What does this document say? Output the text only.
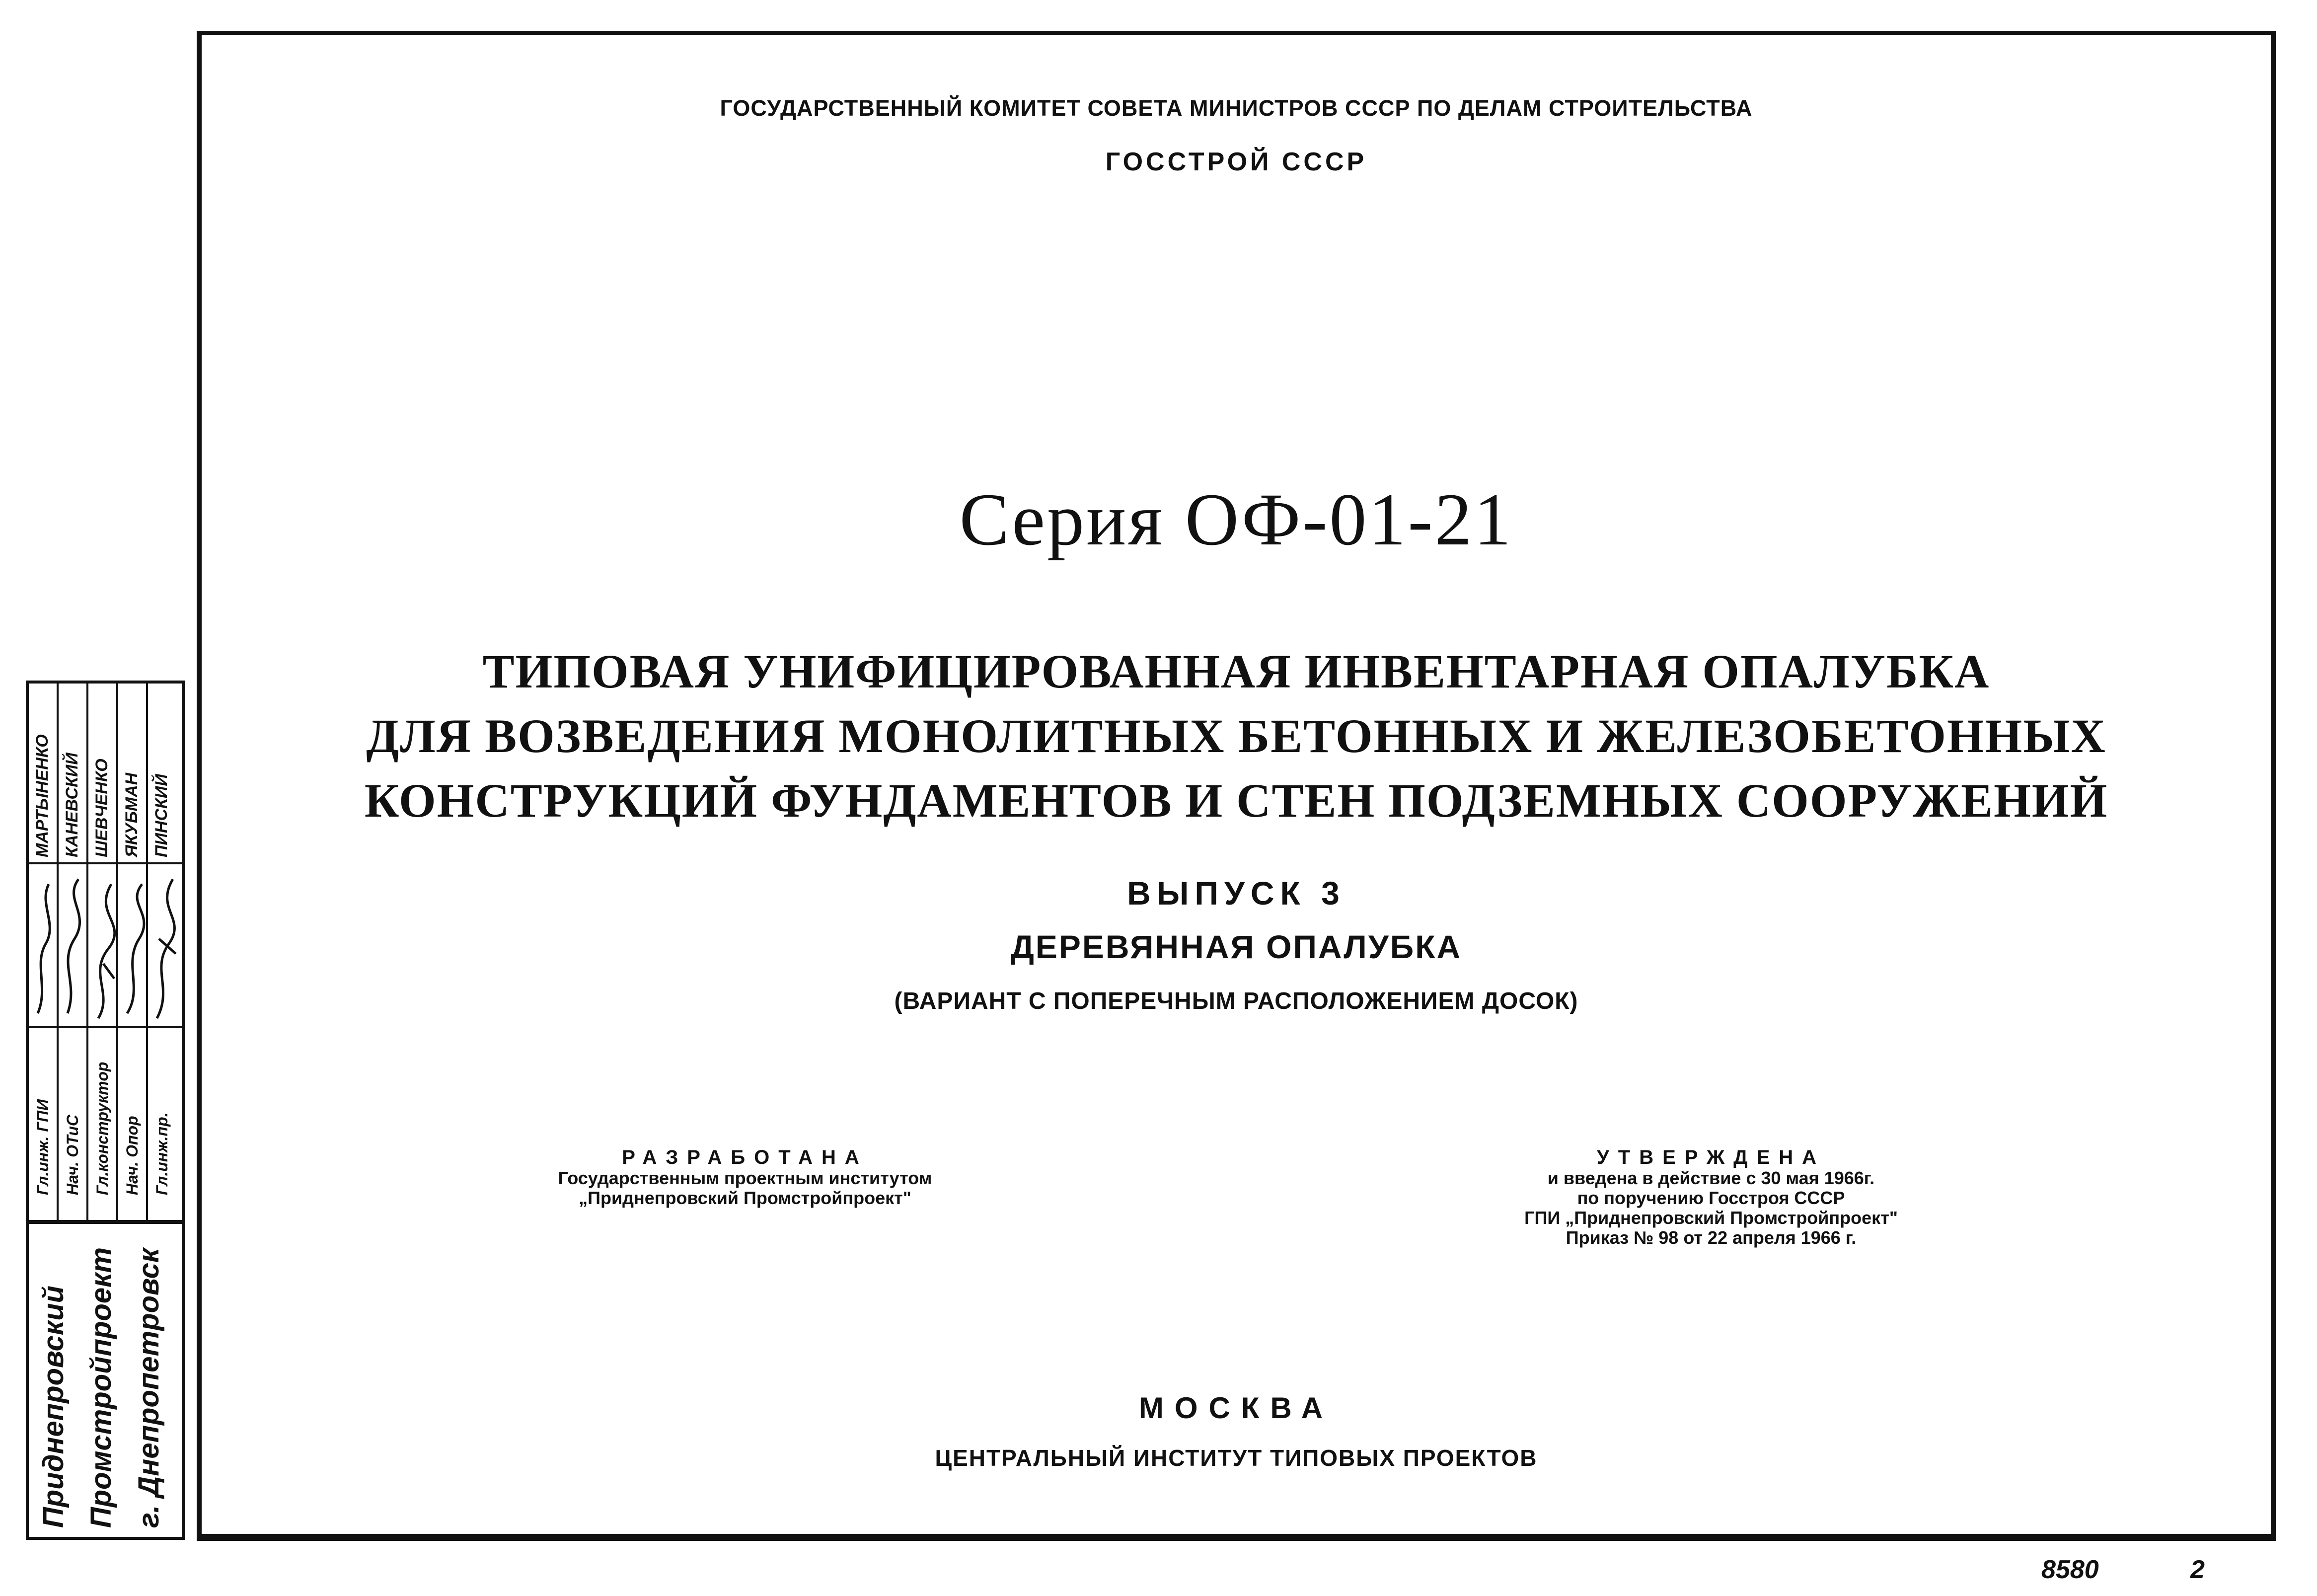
ГОСУДАРСТВЕННЫЙ КОМИТЕТ СОВЕТА МИНИСТРОВ СССР ПО ДЕЛАМ СТРОИТЕЛЬСТВА
ГОССТРОЙ СССР
Серия ОФ-01-21
ТИПОВАЯ УНИФИЦИРОВАННАЯ ИНВЕНТАРНАЯ ОПАЛУБКА
ДЛЯ ВОЗВЕДЕНИЯ МОНОЛИТНЫХ БЕТОННЫХ И ЖЕЛЕЗОБЕТОННЫХ
КОНСТРУКЦИЙ ФУНДАМЕНТОВ И СТЕН ПОДЗЕМНЫХ СООРУЖЕНИЙ
ВЫПУСК 3
ДЕРЕВЯННАЯ ОПАЛУБКА
(ВАРИАНТ С ПОПЕРЕЧНЫМ РАСПОЛОЖЕНИЕМ ДОСОК)
РАЗРАБОТАНА
Государственным проектным институтом
„Приднепровский Промстройпроект"
УТВЕРЖДЕНА
и введена в действие с 30 мая 1966г.
по поручению Госстроя СССР
ГПИ „Приднепровский Промстройпроект"
Приказ № 98 от 22 апреля 1966 г.
МОСКВА
ЦЕНТРАЛЬНЫЙ ИНСТИТУТ ТИПОВЫХ ПРОЕКТОВ
МАРТЫНЕНКО КАНЕВСКИЙ ШЕВЧЕНКО ЯКУБМАН ПИНСКИЙ
Гл.инж. ГПИ Нач. ОТиС Гл.конструктор Нач. Опор Гл.инж.пр.
Приднепровский Промстройпроект г. Днепропетровск
8580	2
